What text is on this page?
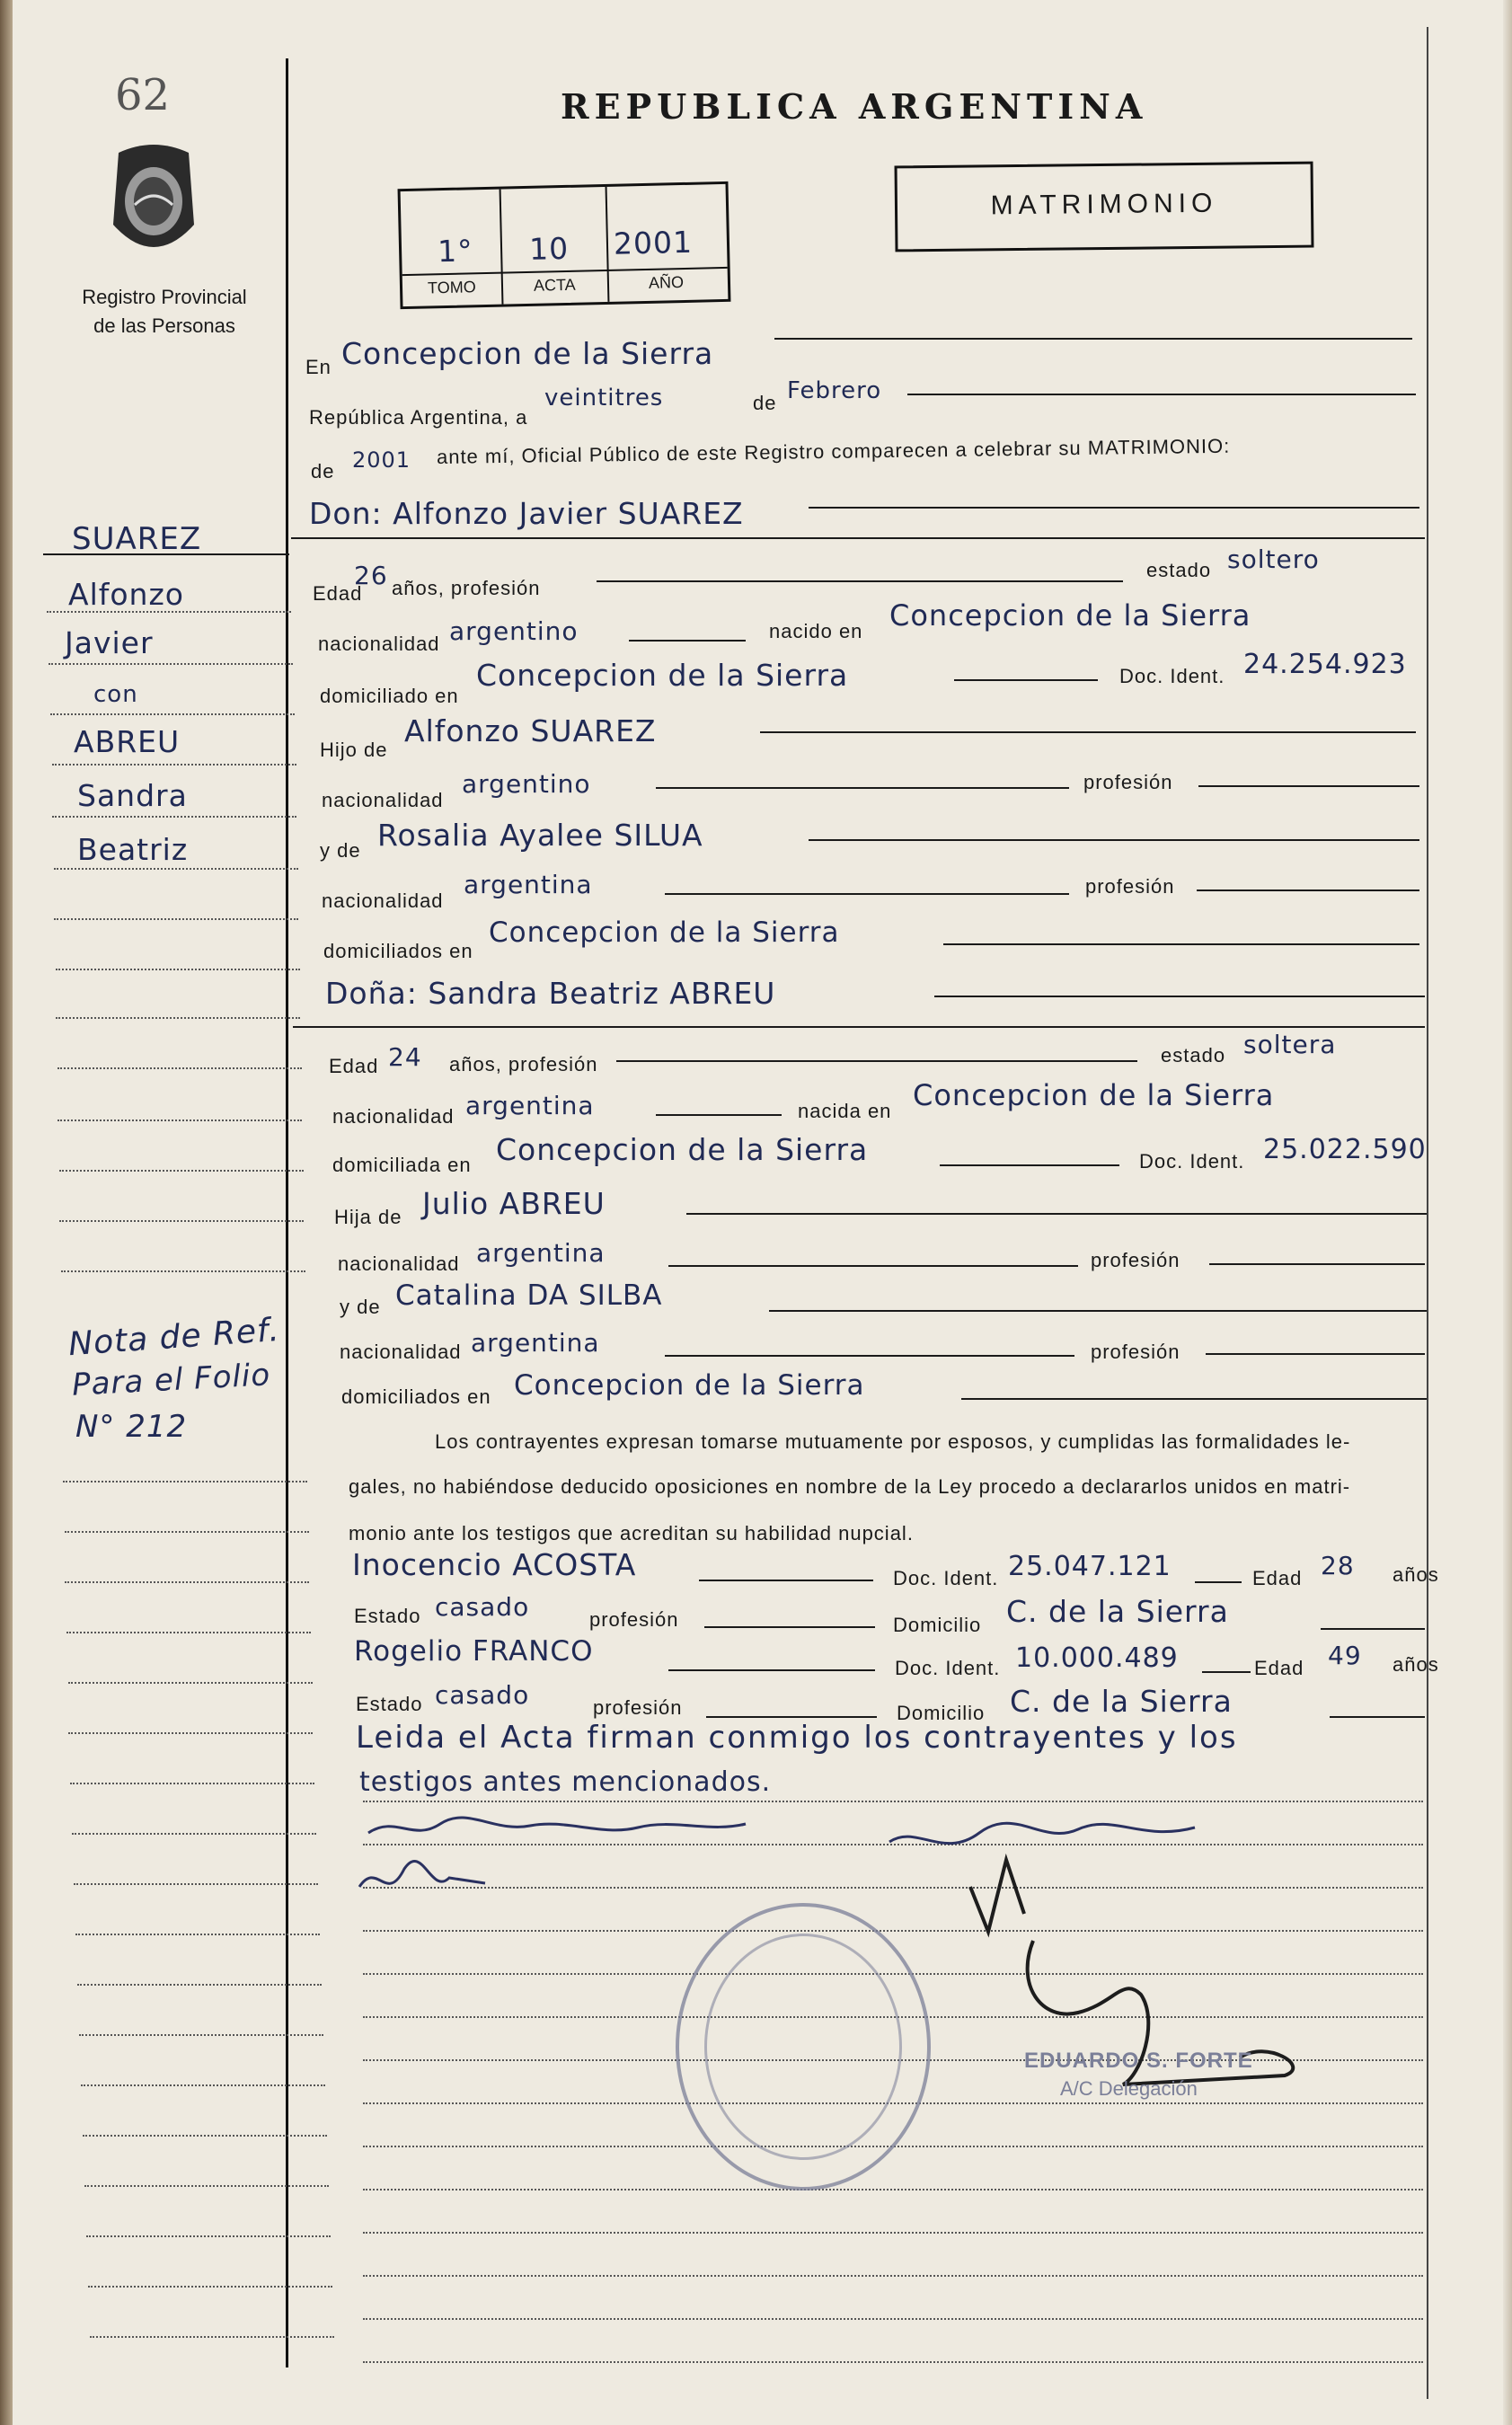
62
Registro Provincial
de las Personas
REPUBLICA ARGENTINA
1° 10 2001
TOMO	ACTA	AÑO
MATRIMONIO
En Concepcion de la Sierra
República Argentina, a
veintitres	de Febrero
de 2001 ante mí, Oficial Público de este Registro comparecen a celebrar su MATRIMONIO:
Don: Alfonzo Javier SUAREZ
Edad
26 años, profesión
estado soltero
nacionalidad argentino	nacido en Concepcion de la Sierra
domiciliado en
Concepcion de la Sierra	Doc. Ident. 24.254.923
Hijo de
Alfonzo SUAREZ
nacionalidad
argentino	profesión
y de Rosalia Ayalee SILUA
nacionalidad
argentina	profesión
domiciliados en
Concepcion de la Sierra
Doña: Sandra Beatriz ABREU
Edad 24 años, profesión	estado soltera
nacionalidad argentina	nacida en Concepcion de la Sierra
domiciliada en Concepcion de la Sierra	Doc. Ident. 25.022.590
Hija de Julio ABREU
nacionalidad argentina	profesión
y de Catalina DA SILBA
nacionalidad argentina	profesión
domiciliados en Concepcion de la Sierra
Los contrayentes expresan tomarse mutuamente por esposos, y cumplidas las formalidades le-
gales, no habiéndose deducido oposiciones en nombre de la Ley procedo a declararlos unidos en matri-
monio ante los testigos que acreditan su habilidad nupcial.
Inocencio ACOSTA	Doc. Ident. 25.047.121	Edad 28 años
Estado casado	profesión	Domicilio C. de la Sierra
Rogelio FRANCO
Doc. Ident. 10.000.489	Edad 49 años
Estado casado	profesión	Domicilio C. de la Sierra
Leida el Acta firman conmigo los contrayentes y los
testigos antes mencionados.
EDUARDO S. FORTE
A/C Delegación
SUAREZ
Alfonzo
Javier
con
ABREU
Sandra
Beatriz
Nota de Ref.
Para el Folio
N° 212
